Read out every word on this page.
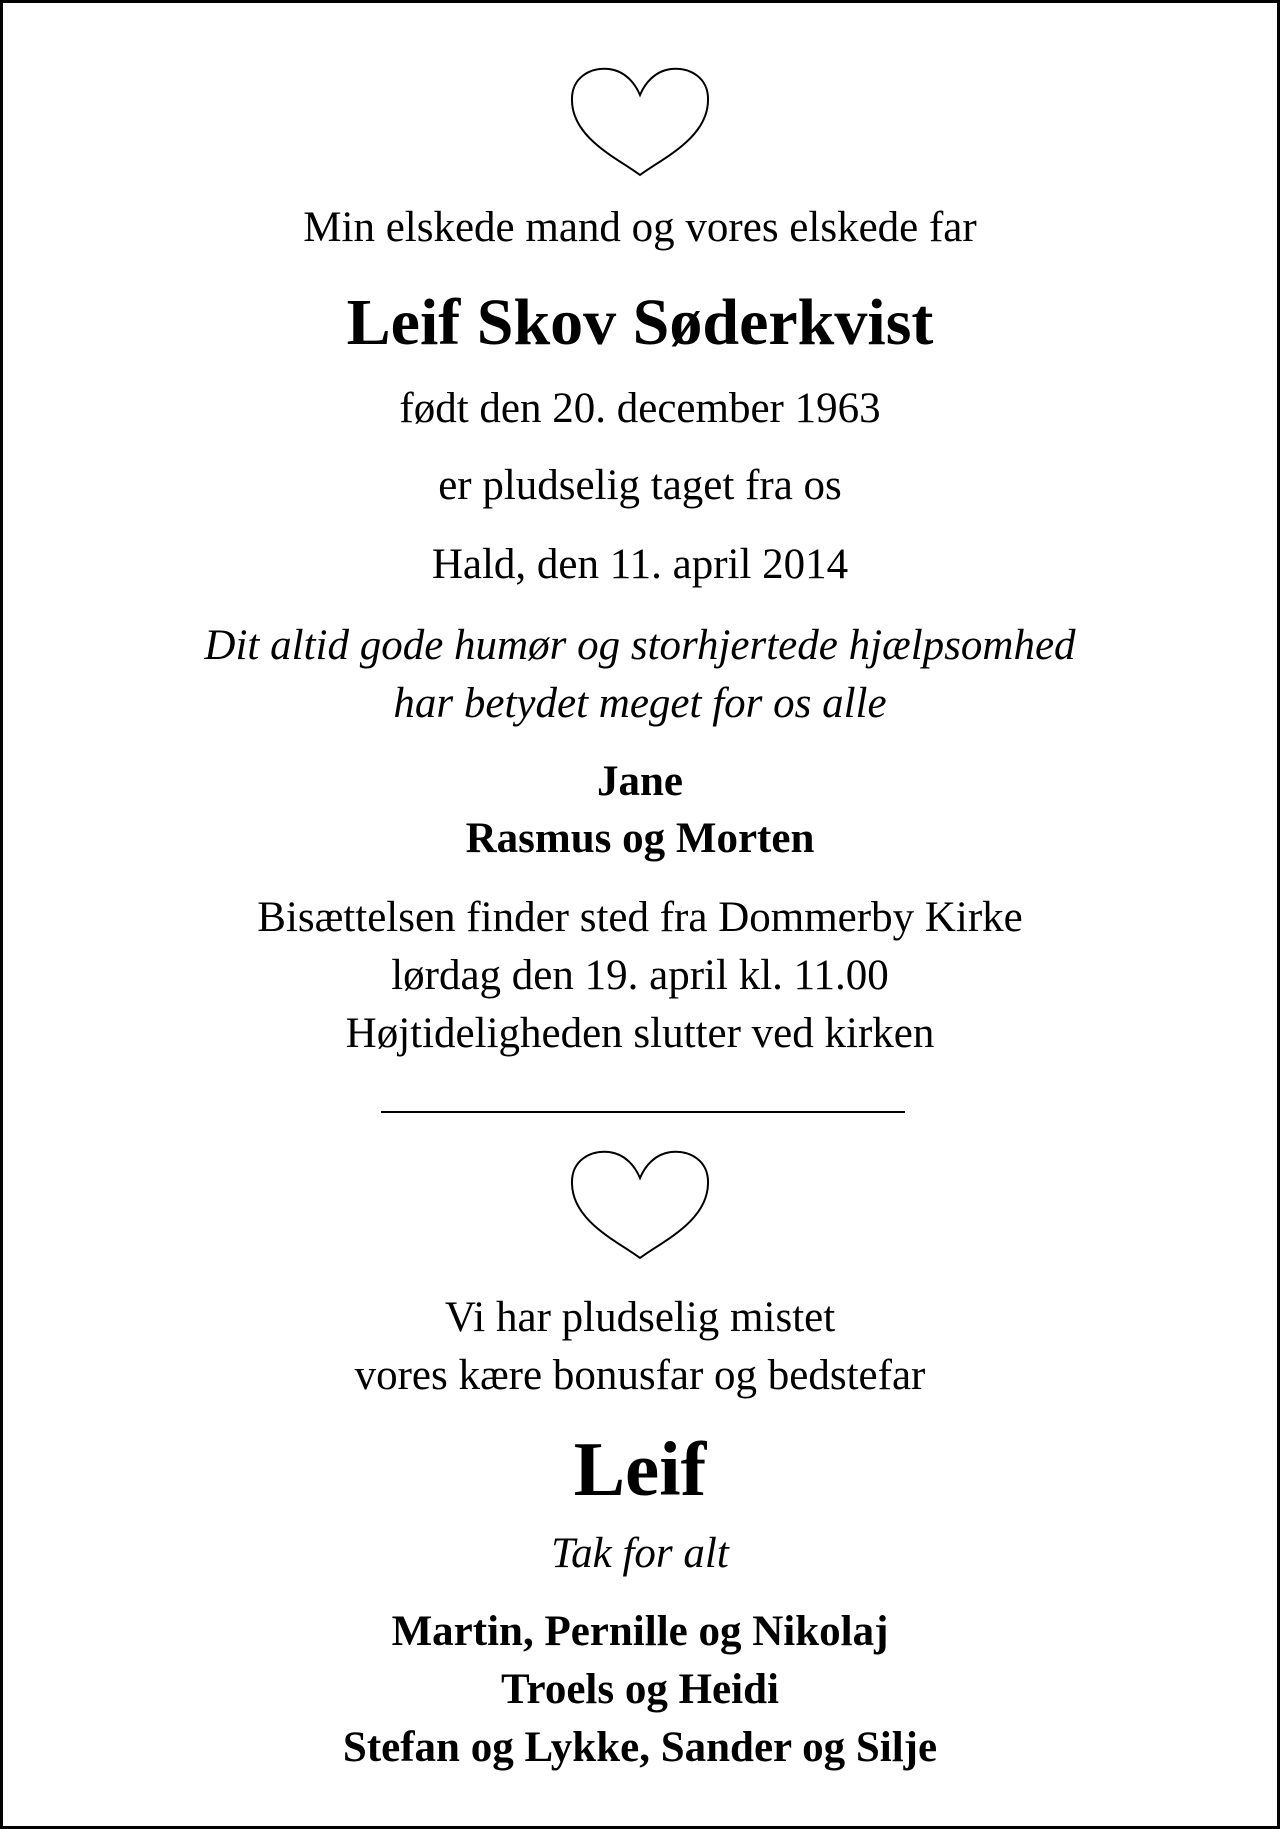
Min elskede mand og vores elskede far
Leif Skov Søderkvist
født den 20. december 1963
er pludselig taget fra os
Hald, den 11. april 2014
Dit altid gode humør og storhjertede hjælpsomhed
har betydet meget for os alle
Jane
Rasmus og Morten
Bisættelsen finder sted fra Dommerby Kirke
lørdag den 19. april kl. 11.00
Højtideligheden slutter ved kirken
Vi har pludselig mistet
vores kære bonusfar og bedstefar
Leif
Tak for alt
Martin, Pernille og Nikolaj
Troels og Heidi
Stefan og Lykke, Sander og Silje
